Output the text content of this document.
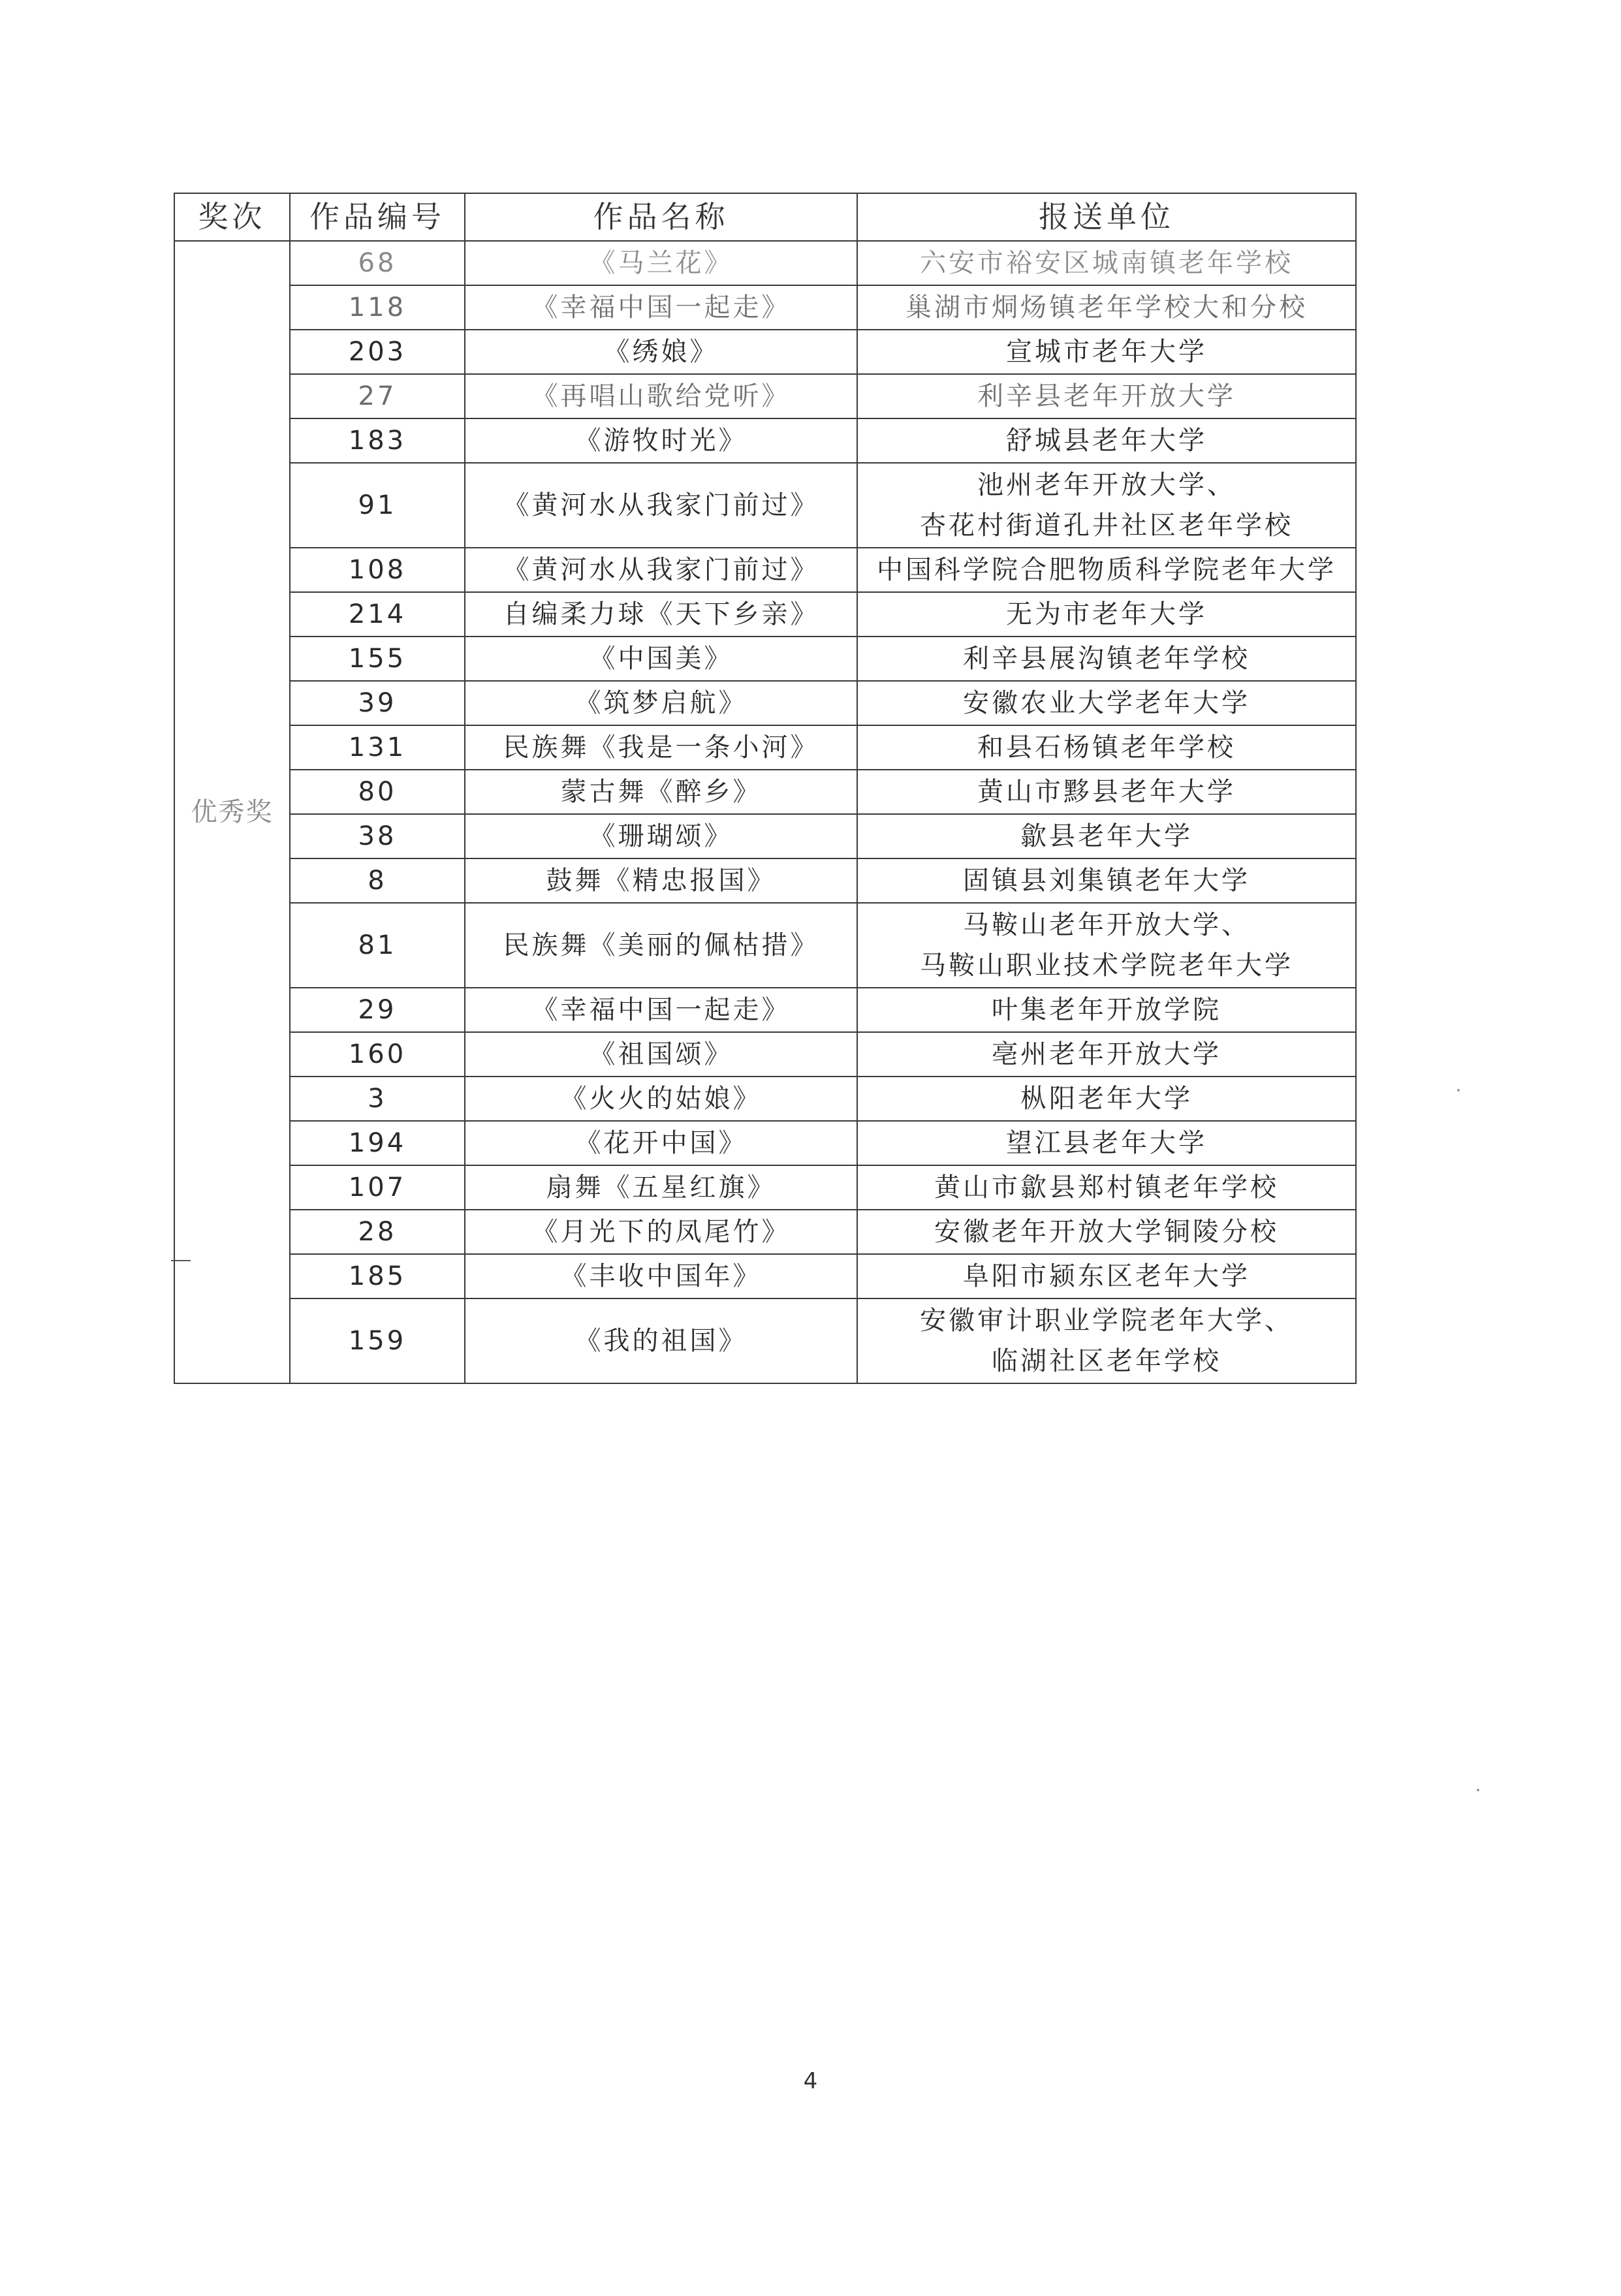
奖次	作品编号	作品名称	报送单位
优秀奖	68	《马兰花》	六安市裕安区城南镇老年学校
	118	《幸福中国一起走》	巢湖市烔炀镇老年学校大和分校
	203	《绣娘》	宣城市老年大学
	27	《再唱山歌给党听》	利辛县老年开放大学
	183	《游牧时光》	舒城县老年大学
	91	《黄河水从我家门前过》	池州老年开放大学、
杏花村街道孔井社区老年学校

	108	《黄河水从我家门前过》	中国科学院合肥物质科学院老年大学
	214	自编柔力球《天下乡亲》	无为市老年大学
	155	《中国美》	利辛县展沟镇老年学校
	39	《筑梦启航》	安徽农业大学老年大学
	131	民族舞《我是一条小河》	和县石杨镇老年学校
	80	蒙古舞《醉乡》	黄山市黟县老年大学
	38	《珊瑚颂》	歙县老年大学
	8	鼓舞《精忠报国》	固镇县刘集镇老年大学
	81	民族舞《美丽的佩枯措》	马鞍山老年开放大学、
马鞍山职业技术学院老年大学

	29	《幸福中国一起走》	叶集老年开放学院
	160	《祖国颂》	亳州老年开放大学
	3	《火火的姑娘》	枞阳老年大学
	194	《花开中国》	望江县老年大学
	107	扇舞《五星红旗》	黄山市歙县郑村镇老年学校
	28	《月光下的凤尾竹》	安徽老年开放大学铜陵分校
	185	《丰收中国年》	阜阳市颍东区老年大学
	159	《我的祖国》	安徽审计职业学院老年大学、
临湖社区老年学校
4
